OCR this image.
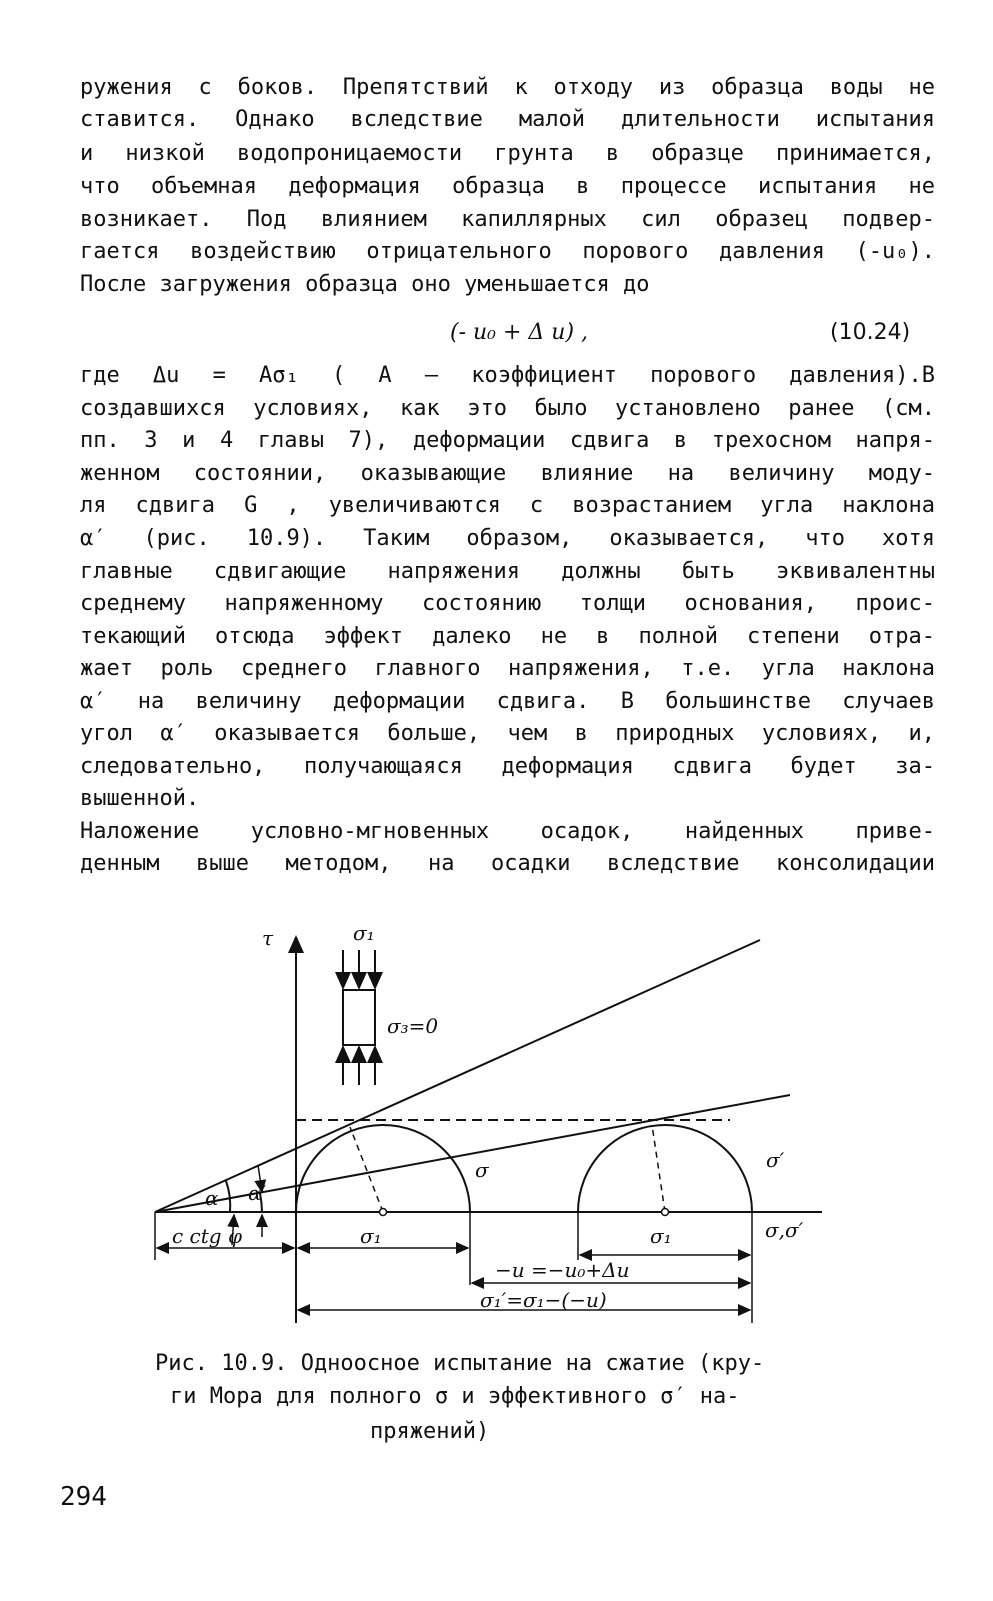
ружения с боков. Препятствий к отходу из образца воды не
ставится. Однако вследствие малой длительности испытания
и низкой водопроницаемости грунта в образце принимается,
что объемная деформация образца в процессе испытания не
возникает. Под влиянием капиллярных сил образец подвер-
гается воздействию отрицательного порового давления (-u₀).
После загружения образца оно уменьшается до
(- u₀ + Δ u) ,	(10.24)
где Δu = Aσ₁ ( A – коэффициент порового давления).В
создавшихся условиях, как это было установлено ранее (см.
пп. 3 и 4 главы 7), деформации сдвига в трехосном напря-
женном состоянии, оказывающие влияние на величину моду-
ля сдвига G , увеличиваются с возрастанием угла наклона
α′ (рис. 10.9). Таким образом, оказывается, что хотя
главные сдвигающие напряжения должны быть эквивалентны
среднему напряженному состоянию толщи основания, проис-
текающий отсюда эффект далеко не в полной степени отра-
жает роль среднего главного напряжения, т.е. угла наклона
α′ на величину деформации сдвига. В большинстве случаев
угол α′ оказывается больше, чем в природных условиях, и,
следовательно, получающаяся деформация сдвига будет за-
вышенной.
Наложение условно-мгновенных осадок, найденных приве-
денным выше методом, на осадки вследствие консолидации
τ	σ₁
σ₃=0
α α′
c ctg φ
σ	σ′
σ₁	σ₁	σ,σ′
−u =−u₀+Δu
σ₁′=σ₁−(−u)
Рис. 10.9. Одноосное испытание на сжатие (кру-
ги Мора для полного σ и эффективного σ′ на-
пряжений)
294
